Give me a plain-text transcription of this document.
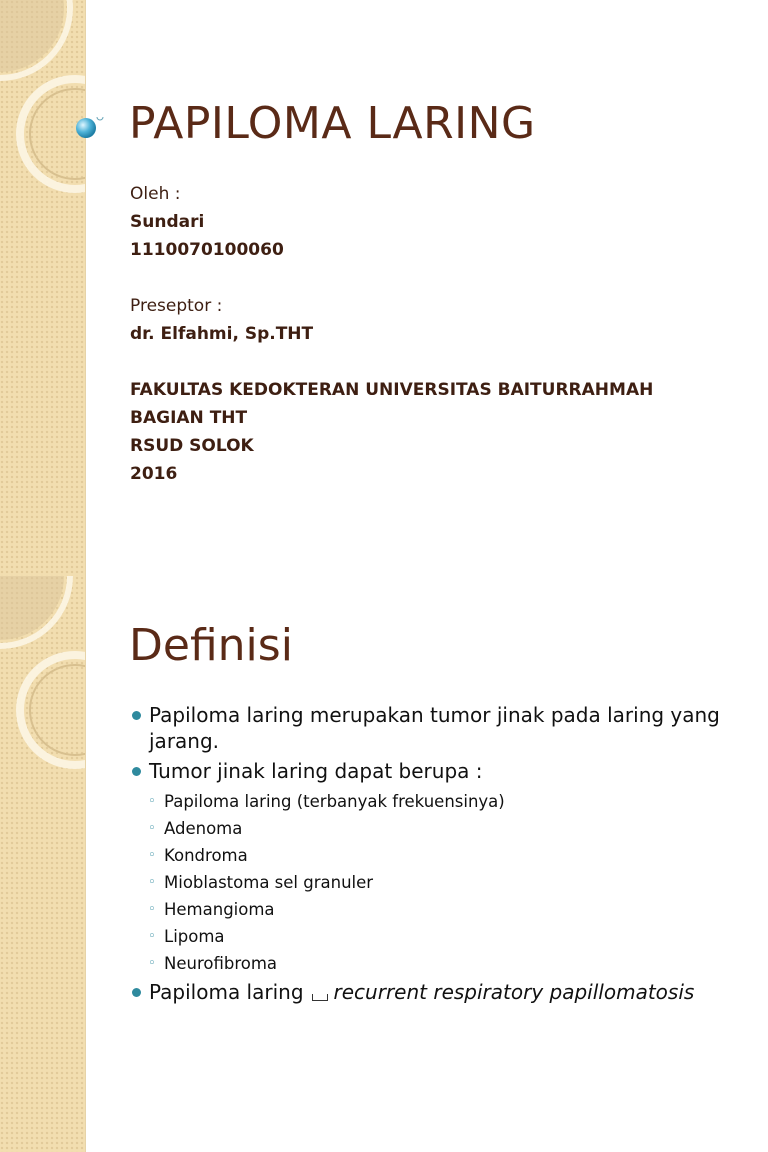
PAPILOMA LARING
Oleh :
Sundari
1110070100060
Preseptor :
dr. Elfahmi, Sp.THT
FAKULTAS KEDOKTERAN UNIVERSITAS BAITURRAHMAH
BAGIAN THT
RSUD SOLOK
2016
Definisi
Papiloma laring merupakan tumor jinak pada laring yang jarang.
Tumor jinak laring dapat berupa :
◦ Papiloma laring (terbanyak frekuensinya)
◦ Adenoma
◦ Kondroma
◦ Mioblastoma sel granuler
◦ Hemangioma
◦ Lipoma
◦ Neurofibroma
Papiloma laring recurrent respiratory papillomatosis
